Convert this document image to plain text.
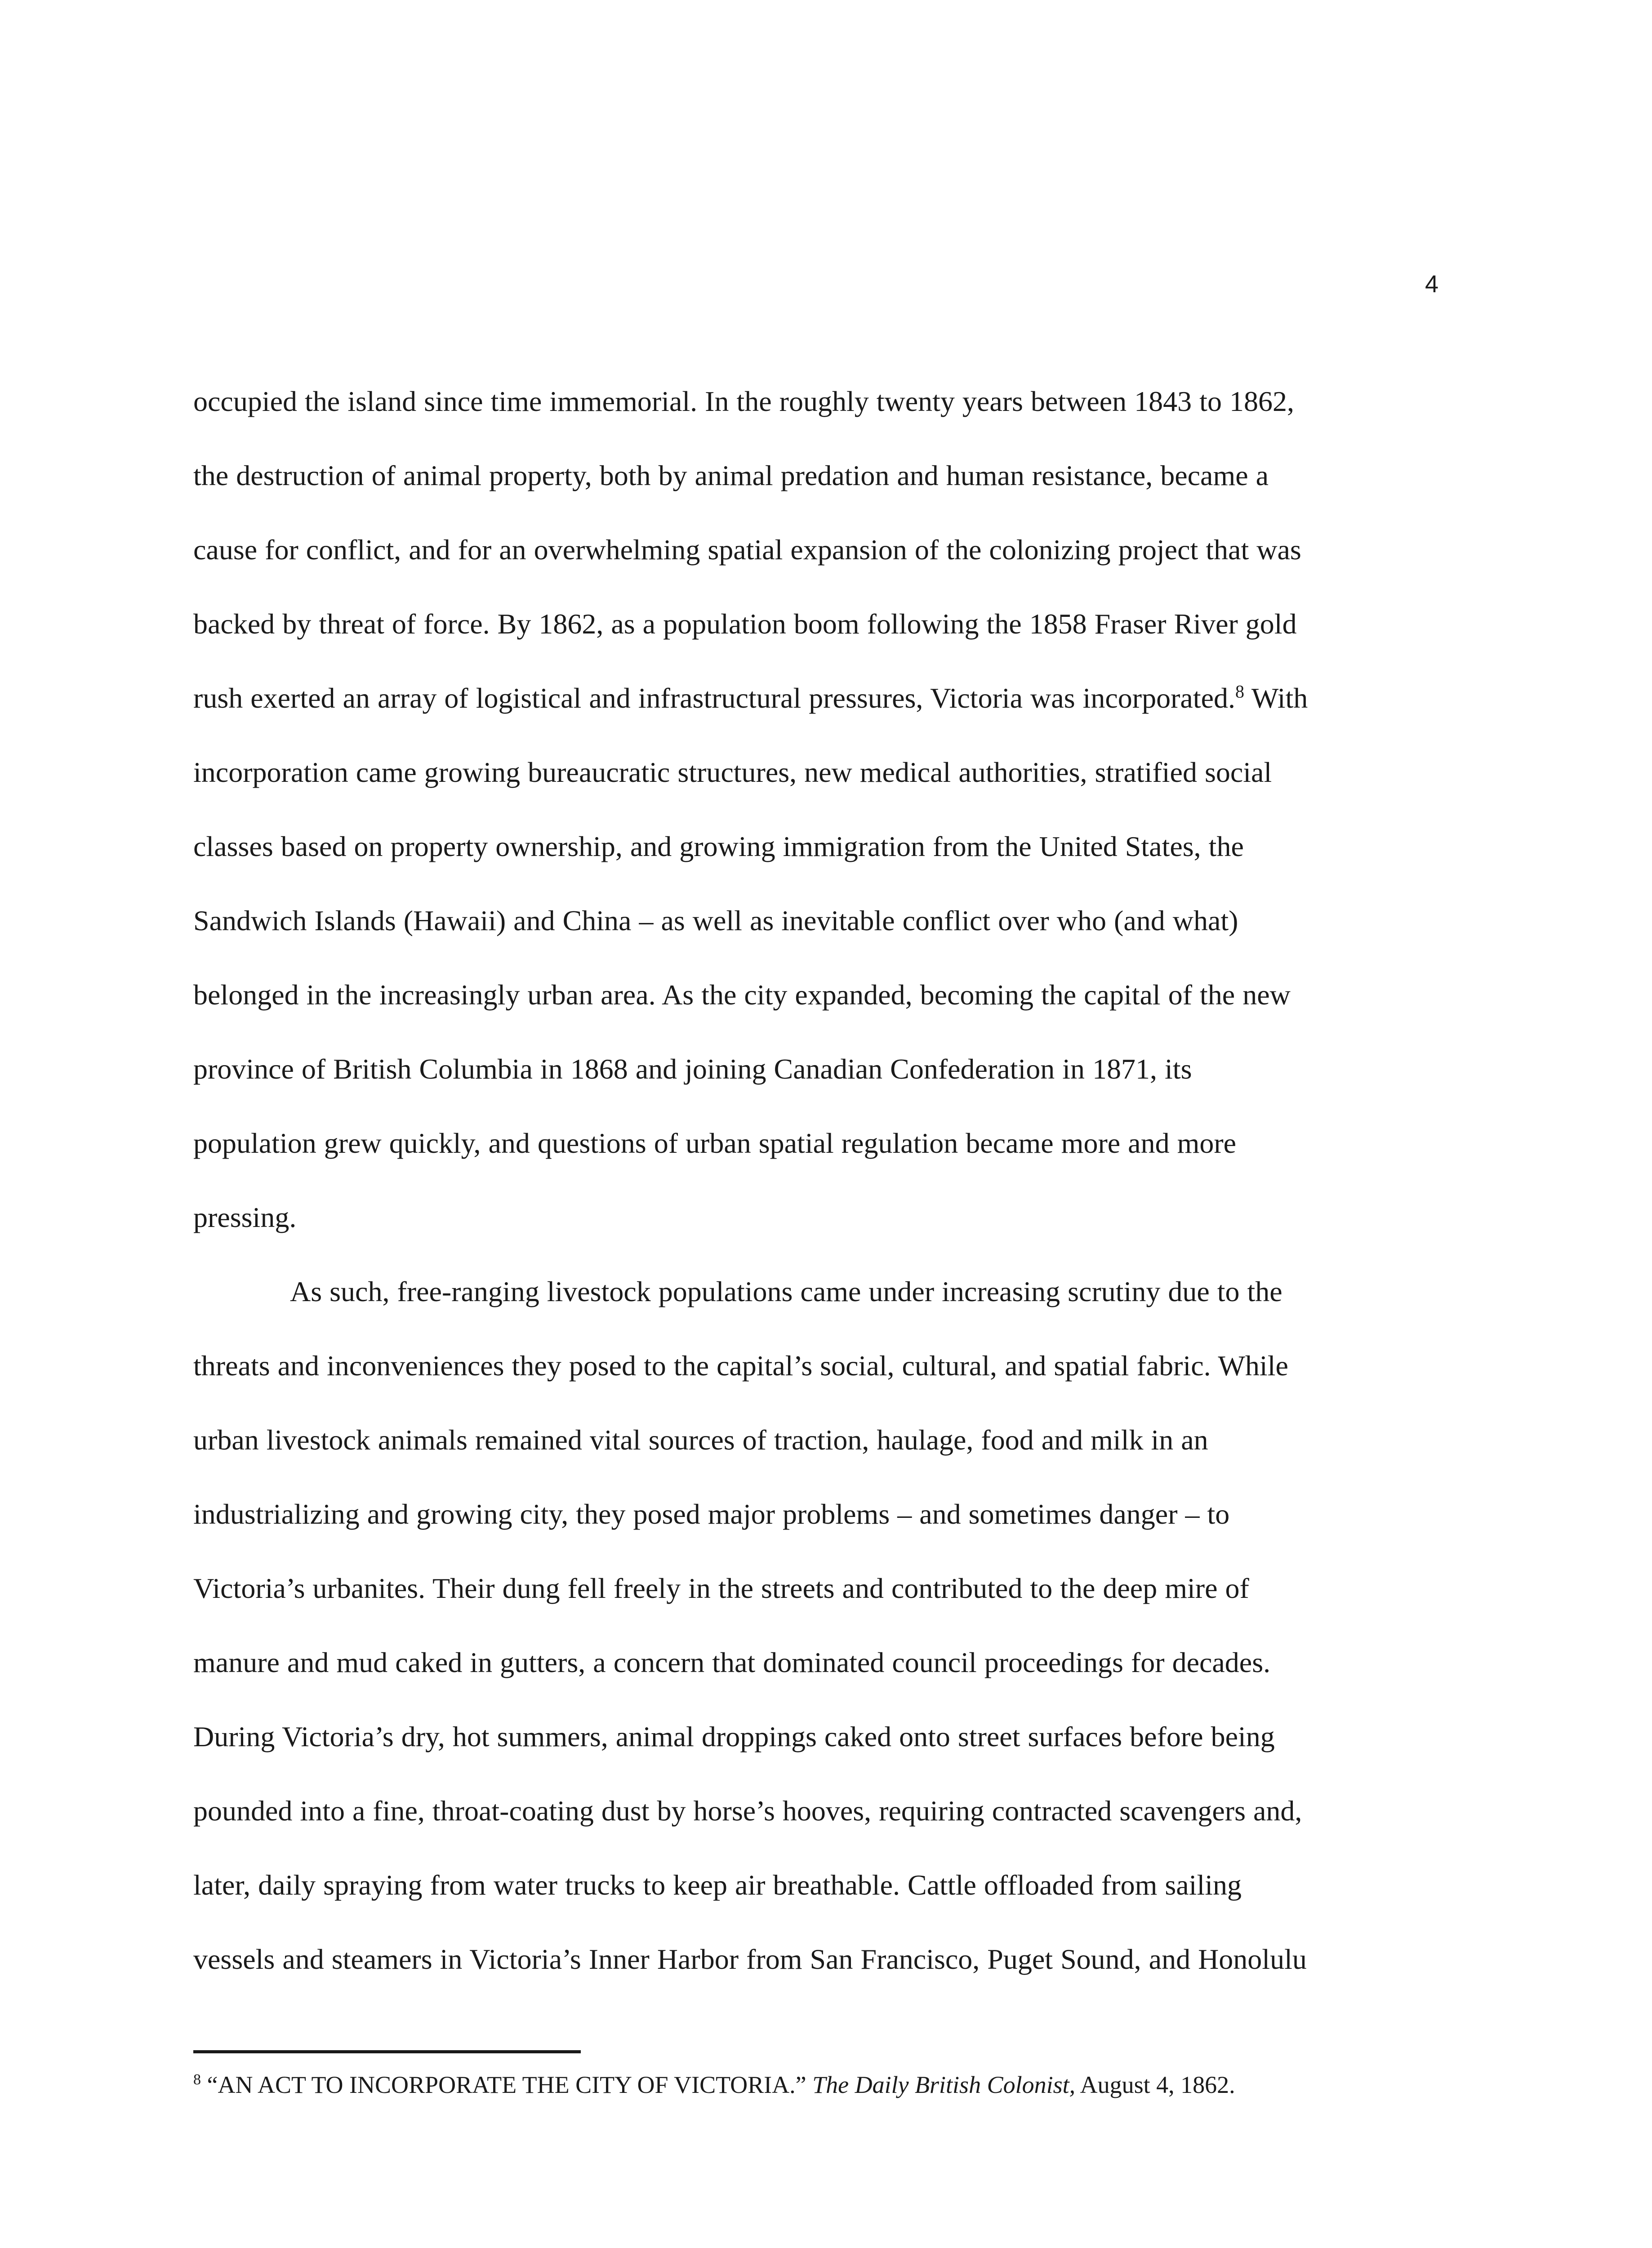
4
occupied the island since time immemorial. In the roughly twenty years between 1843 to 1862,
the destruction of animal property, both by animal predation and human resistance, became a
cause for conflict, and for an overwhelming spatial expansion of the colonizing project that was
backed by threat of force. By 1862, as a population boom following the 1858 Fraser River gold
rush exerted an array of logistical and infrastructural pressures, Victoria was incorporated.$^8$ With
incorporation came growing bureaucratic structures, new medical authorities, stratified social
classes based on property ownership, and growing immigration from the United States, the
Sandwich Islands (Hawaii) and China – as well as inevitable conflict over who (and what)
belonged in the increasingly urban area. As the city expanded, becoming the capital of the new
province of British Columbia in 1868 and joining Canadian Confederation in 1871, its
population grew quickly, and questions of urban spatial regulation became more and more
pressing.
As such, free-ranging livestock populations came under increasing scrutiny due to the
threats and inconveniences they posed to the capital’s social, cultural, and spatial fabric. While
urban livestock animals remained vital sources of traction, haulage, food and milk in an
industrializing and growing city, they posed major problems – and sometimes danger – to
Victoria’s urbanites. Their dung fell freely in the streets and contributed to the deep mire of
manure and mud caked in gutters, a concern that dominated council proceedings for decades.
During Victoria’s dry, hot summers, animal droppings caked onto street surfaces before being
pounded into a fine, throat-coating dust by horse’s hooves, requiring contracted scavengers and,
later, daily spraying from water trucks to keep air breathable. Cattle offloaded from sailing
vessels and steamers in Victoria’s Inner Harbor from San Francisco, Puget Sound, and Honolulu
$^8$ “AN ACT TO INCORPORATE THE CITY OF VICTORIA.” The Daily British Colonist, August 4, 1862.
